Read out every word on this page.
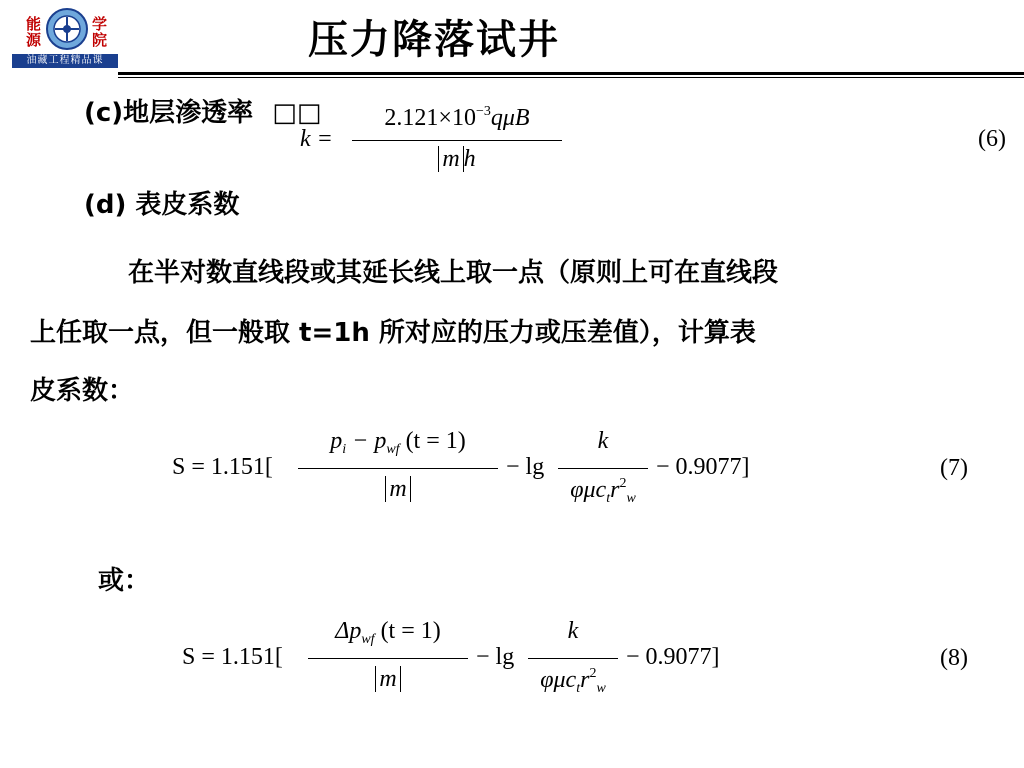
能
源
学
院
油藏工程精品课	压力降落试井
(c)地层渗透率 □□
k =
$2.121\times 10^{-3}q\mu B$
m h
(6)
(d) 表皮系数
在半对数直线段或其延长线上取一点（原则上可在直线段
上任取一点，但一般取 t=1h 所对应的压力或压差值），计算表
皮系数：
S = 1.151[
$p_i - p_{wf}$ (t = 1)
m
− lg
k
$\varphi\mu c_tr^2_w$
− 0.9077]	(7)
或：
S = 1.151[
$\Delta p_{wf}$ (t = 1)
m
− lg
k
$\varphi\mu c_tr^2_w$
− 0.9077]	(8)
